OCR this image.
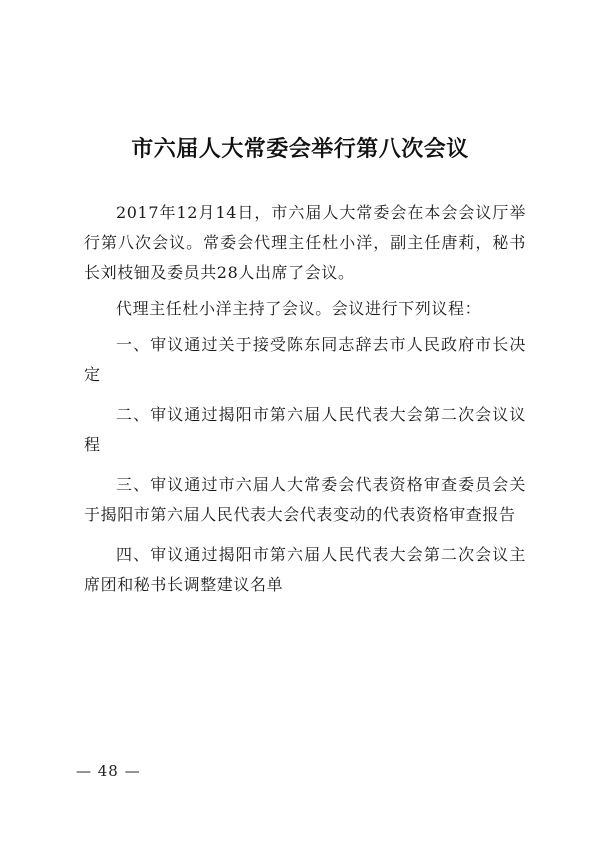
市六届人大常委会举行第八次会议

2017年12月14日，市六届人大常委会在本会会议厅举行第八次会议。常委会代理主任杜小洋，副主任唐莉，秘书长刘枝钿及委员共28人出席了会议。

代理主任杜小洋主持了会议。会议进行下列议程：

一、审议通过关于接受陈东同志辞去市人民政府市长决定

二、审议通过揭阳市第六届人民代表大会第二次会议议程

三、审议通过市六届人大常委会代表资格审查委员会关于揭阳市第六届人民代表大会代表变动的代表资格审查报告

四、审议通过揭阳市第六届人民代表大会第二次会议主席团和秘书长调整建议名单

— 48 —
